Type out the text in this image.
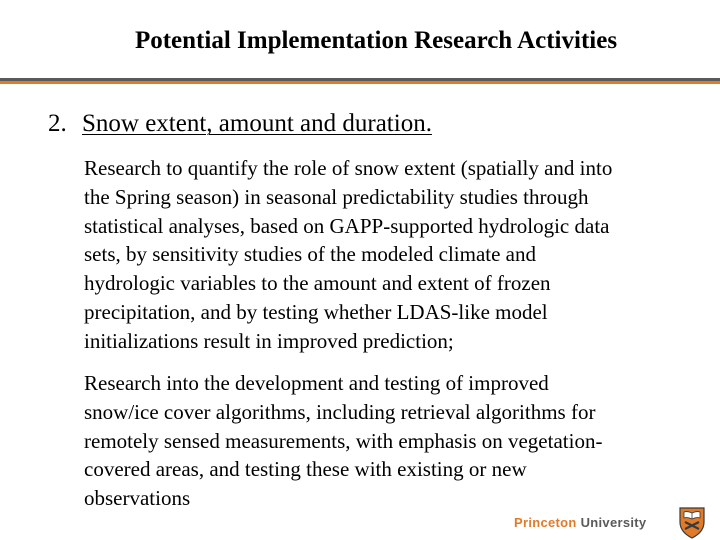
Potential Implementation Research Activities
2. Snow extent, amount and duration.
Research to quantify the role of snow extent (spatially and into
the Spring season) in seasonal predictability studies through
statistical analyses, based on GAPP-supported hydrologic data
sets, by sensitivity studies of the modeled climate and
hydrologic variables to the amount and extent of frozen
precipitation, and by testing whether LDAS-like model
initializations result in improved prediction;
Research into the development and testing of improved
snow/ice cover algorithms, including retrieval algorithms for
remotely sensed measurements, with emphasis on vegetation-
covered areas, and testing these with existing or new
observations
Princeton University
